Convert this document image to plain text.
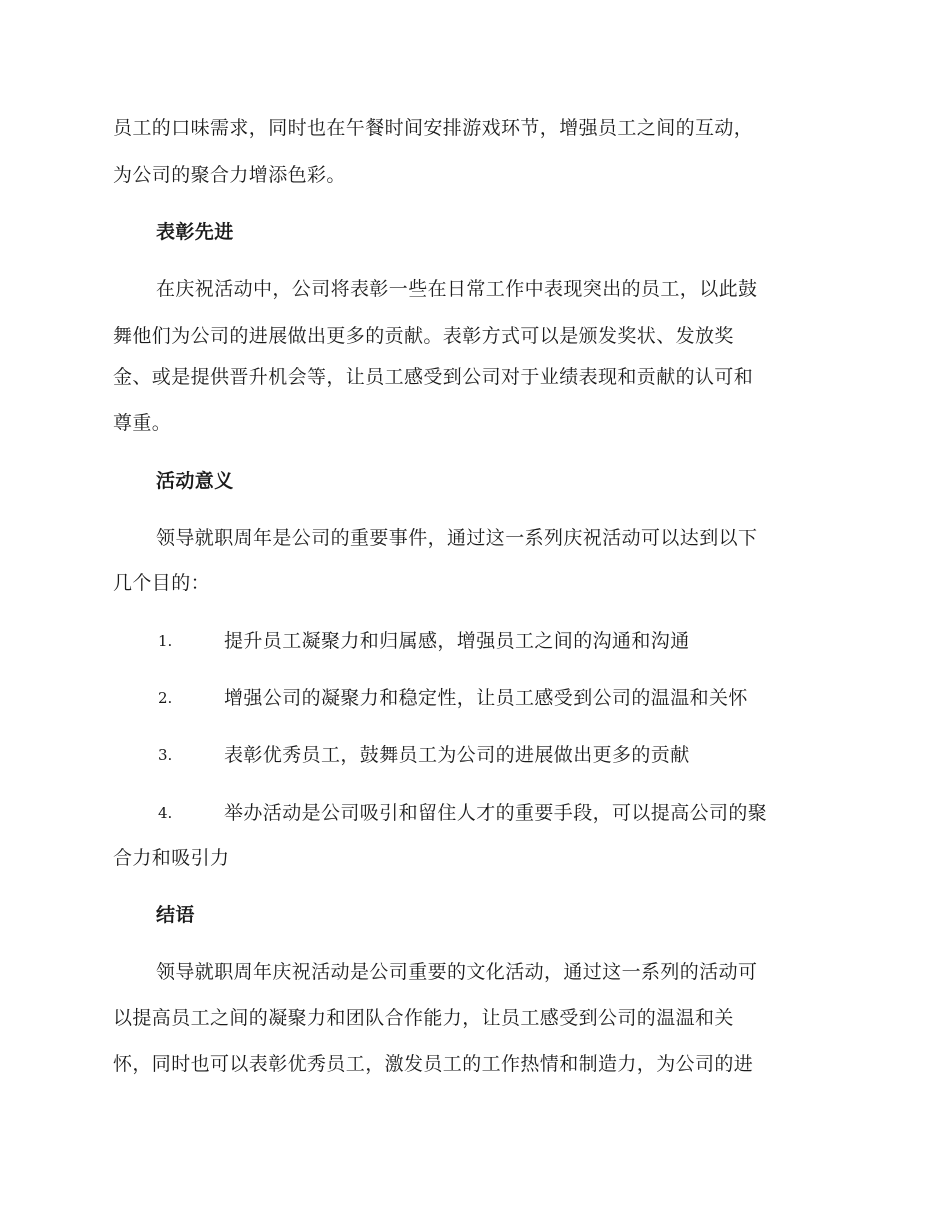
员工的口味需求，同时也在午餐时间安排游戏环节，增强员工之间的互动，
为公司的聚合力增添色彩。
表彰先进
在庆祝活动中，公司将表彰一些在日常工作中表现突出的员工，以此鼓
舞他们为公司的进展做出更多的贡献。表彰方式可以是颁发奖状、发放奖
金、或是提供晋升机会等，让员工感受到公司对于业绩表现和贡献的认可和
尊重。
活动意义
领导就职周年是公司的重要事件，通过这一系列庆祝活动可以达到以下
几个目的：
1.	提升员工凝聚力和归属感，增强员工之间的沟通和沟通
2.	增强公司的凝聚力和稳定性，让员工感受到公司的温温和关怀
3.	表彰优秀员工，鼓舞员工为公司的进展做出更多的贡献
4.	举办活动是公司吸引和留住人才的重要手段，可以提高公司的聚
合力和吸引力
结语
领导就职周年庆祝活动是公司重要的文化活动，通过这一系列的活动可
以提高员工之间的凝聚力和团队合作能力，让员工感受到公司的温温和关
怀，同时也可以表彰优秀员工，激发员工的工作热情和制造力，为公司的进
